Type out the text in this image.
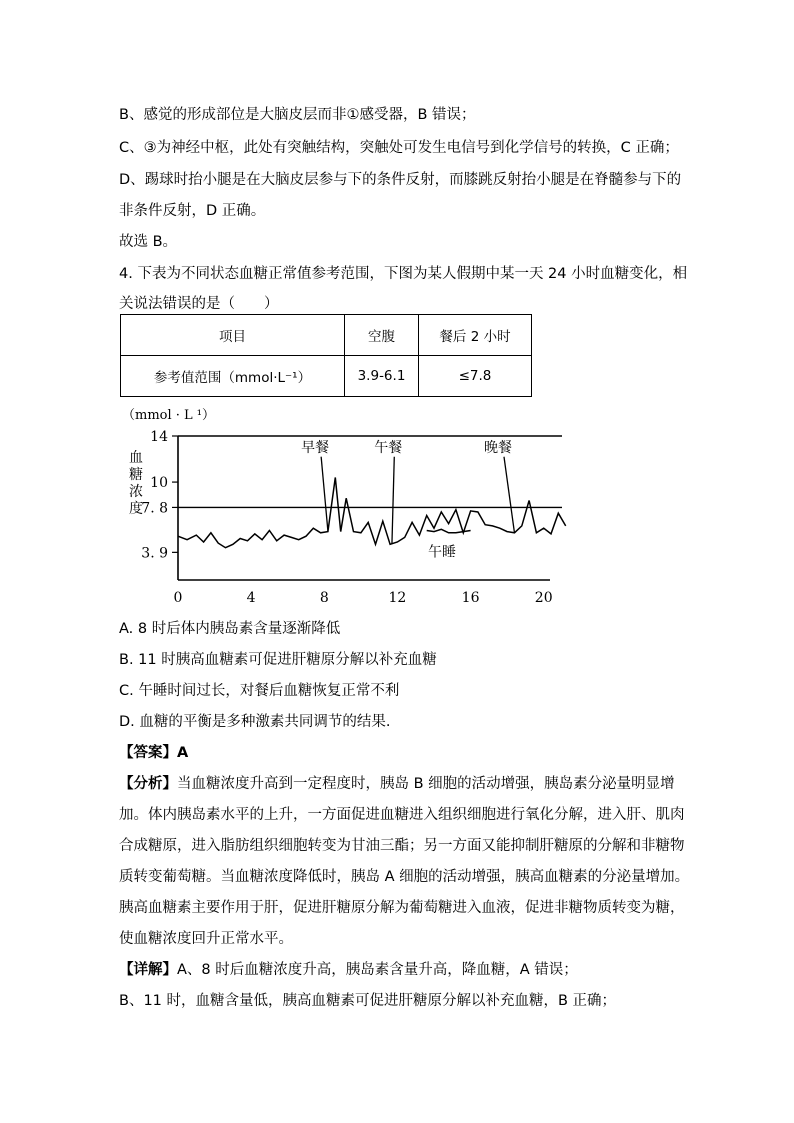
B、感觉的形成部位是大脑皮层而非①感受器，B 错误；
C、③为神经中枢，此处有突触结构，突触处可发生电信号到化学信号的转换，C 正确；
D、踢球时抬小腿是在大脑皮层参与下的条件反射，而膝跳反射抬小腿是在脊髓参与下的
非条件反射，D 正确。
故选 B。
4. 下表为不同状态血糖正常值参考范围，下图为某人假期中某一天 24 小时血糖变化，相
关说法错误的是（　　）
项目	空腹	餐后 2 小时
参考值范围（mmol·L⁻¹）	3.9-6.1	≤7.8
（mmol · L ¹）
血
糖
浓
度
3. 9
7. 8
10
14
0	4	8	12	16	20
早餐	午餐	晚餐
午睡
A. 8 时后体内胰岛素含量逐渐降低
B. 11 时胰高血糖素可促进肝糖原分解以补充血糖
C. 午睡时间过长，对餐后血糖恢复正常不利
D. 血糖的平衡是多种激素共同调节的结果.
【答案】A
【分析】当血糖浓度升高到一定程度时，胰岛 B 细胞的活动增强，胰岛素分泌量明显增
加。体内胰岛素水平的上升，一方面促进血糖进入组织细胞进行氧化分解，进入肝、肌肉
合成糖原，进入脂肪组织细胞转变为甘油三酯；另一方面又能抑制肝糖原的分解和非糖物
质转变葡萄糖。当血糖浓度降低时，胰岛 A 细胞的活动增强，胰高血糖素的分泌量增加。
胰高血糖素主要作用于肝，促进肝糖原分解为葡萄糖进入血液，促进非糖物质转变为糖，
使血糖浓度回升正常水平。
【详解】A、8 时后血糖浓度升高，胰岛素含量升高，降血糖，A 错误；
B、11 时，血糖含量低，胰高血糖素可促进肝糖原分解以补充血糖，B 正确；
